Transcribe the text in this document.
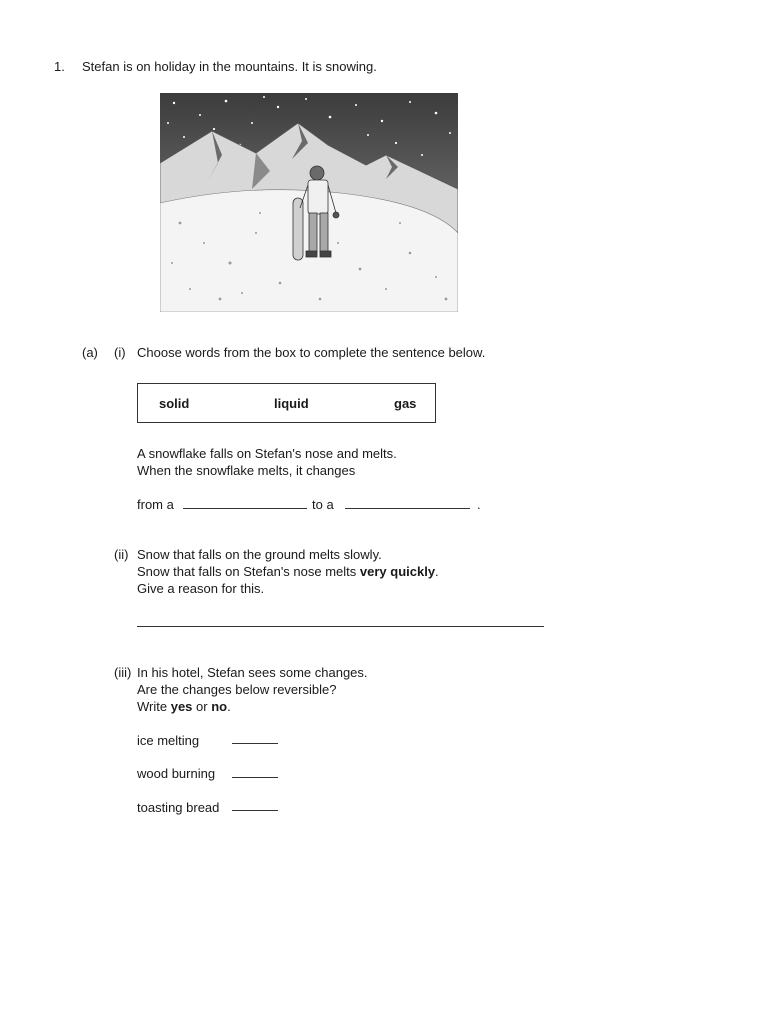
1. Stefan is on holiday in the mountains. It is snowing.
(a) (i) Choose words from the box to complete the sentence below.
solid	liquid	gas
A snowflake falls on Stefan's nose and melts.
When the snowflake melts, it changes
from a	to a	.
(ii) Snow that falls on the ground melts slowly.
Snow that falls on Stefan's nose melts very quickly.
Give a reason for this.
(iii) In his hotel, Stefan sees some changes.
Are the changes below reversible?
Write yes or no.
ice melting
wood burning
toasting bread
